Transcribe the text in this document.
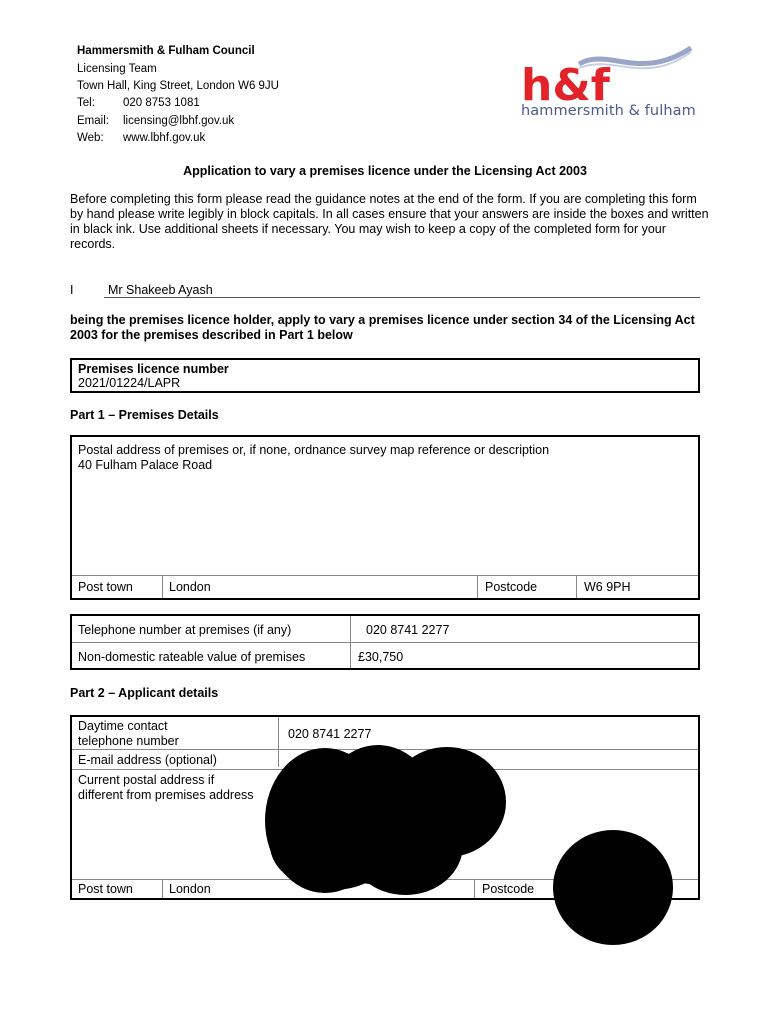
Hammersmith & Fulham Council
Licensing Team
Town Hall, King Street, London W6 9JU
Tel: 020 8753 1081
Email: licensing@lbhf.gov.uk
Web: www.lbhf.gov.uk
h&f
hammersmith & fulham
Application to vary a premises licence under the Licensing Act 2003
Before completing this form please read the guidance notes at the end of the form. If you are completing this form by hand please write legibly in block capitals. In all cases ensure that your answers are inside the boxes and written in black ink. Use additional sheets if necessary. You may wish to keep a copy of the completed form for your records.
I	Mr Shakeeb Ayash
being the premises licence holder, apply to vary a premises licence under section 34 of the Licensing Act 2003 for the premises described in Part 1 below
Premises licence number
2021/01224/LAPR
Part 1 – Premises Details
Postal address of premises or, if none, ordnance survey map reference or description
40 Fulham Palace Road
Post town	London	Postcode	W6 9PH
Telephone number at premises (if any)	020 8741 2277
Non-domestic rateable value of premises	£30,750
Part 2 – Applicant details
Daytime contact
telephone number	020 8741 2277
E-mail address (optional)
Current postal address if
different from premises address
Post town	London	Postcode
